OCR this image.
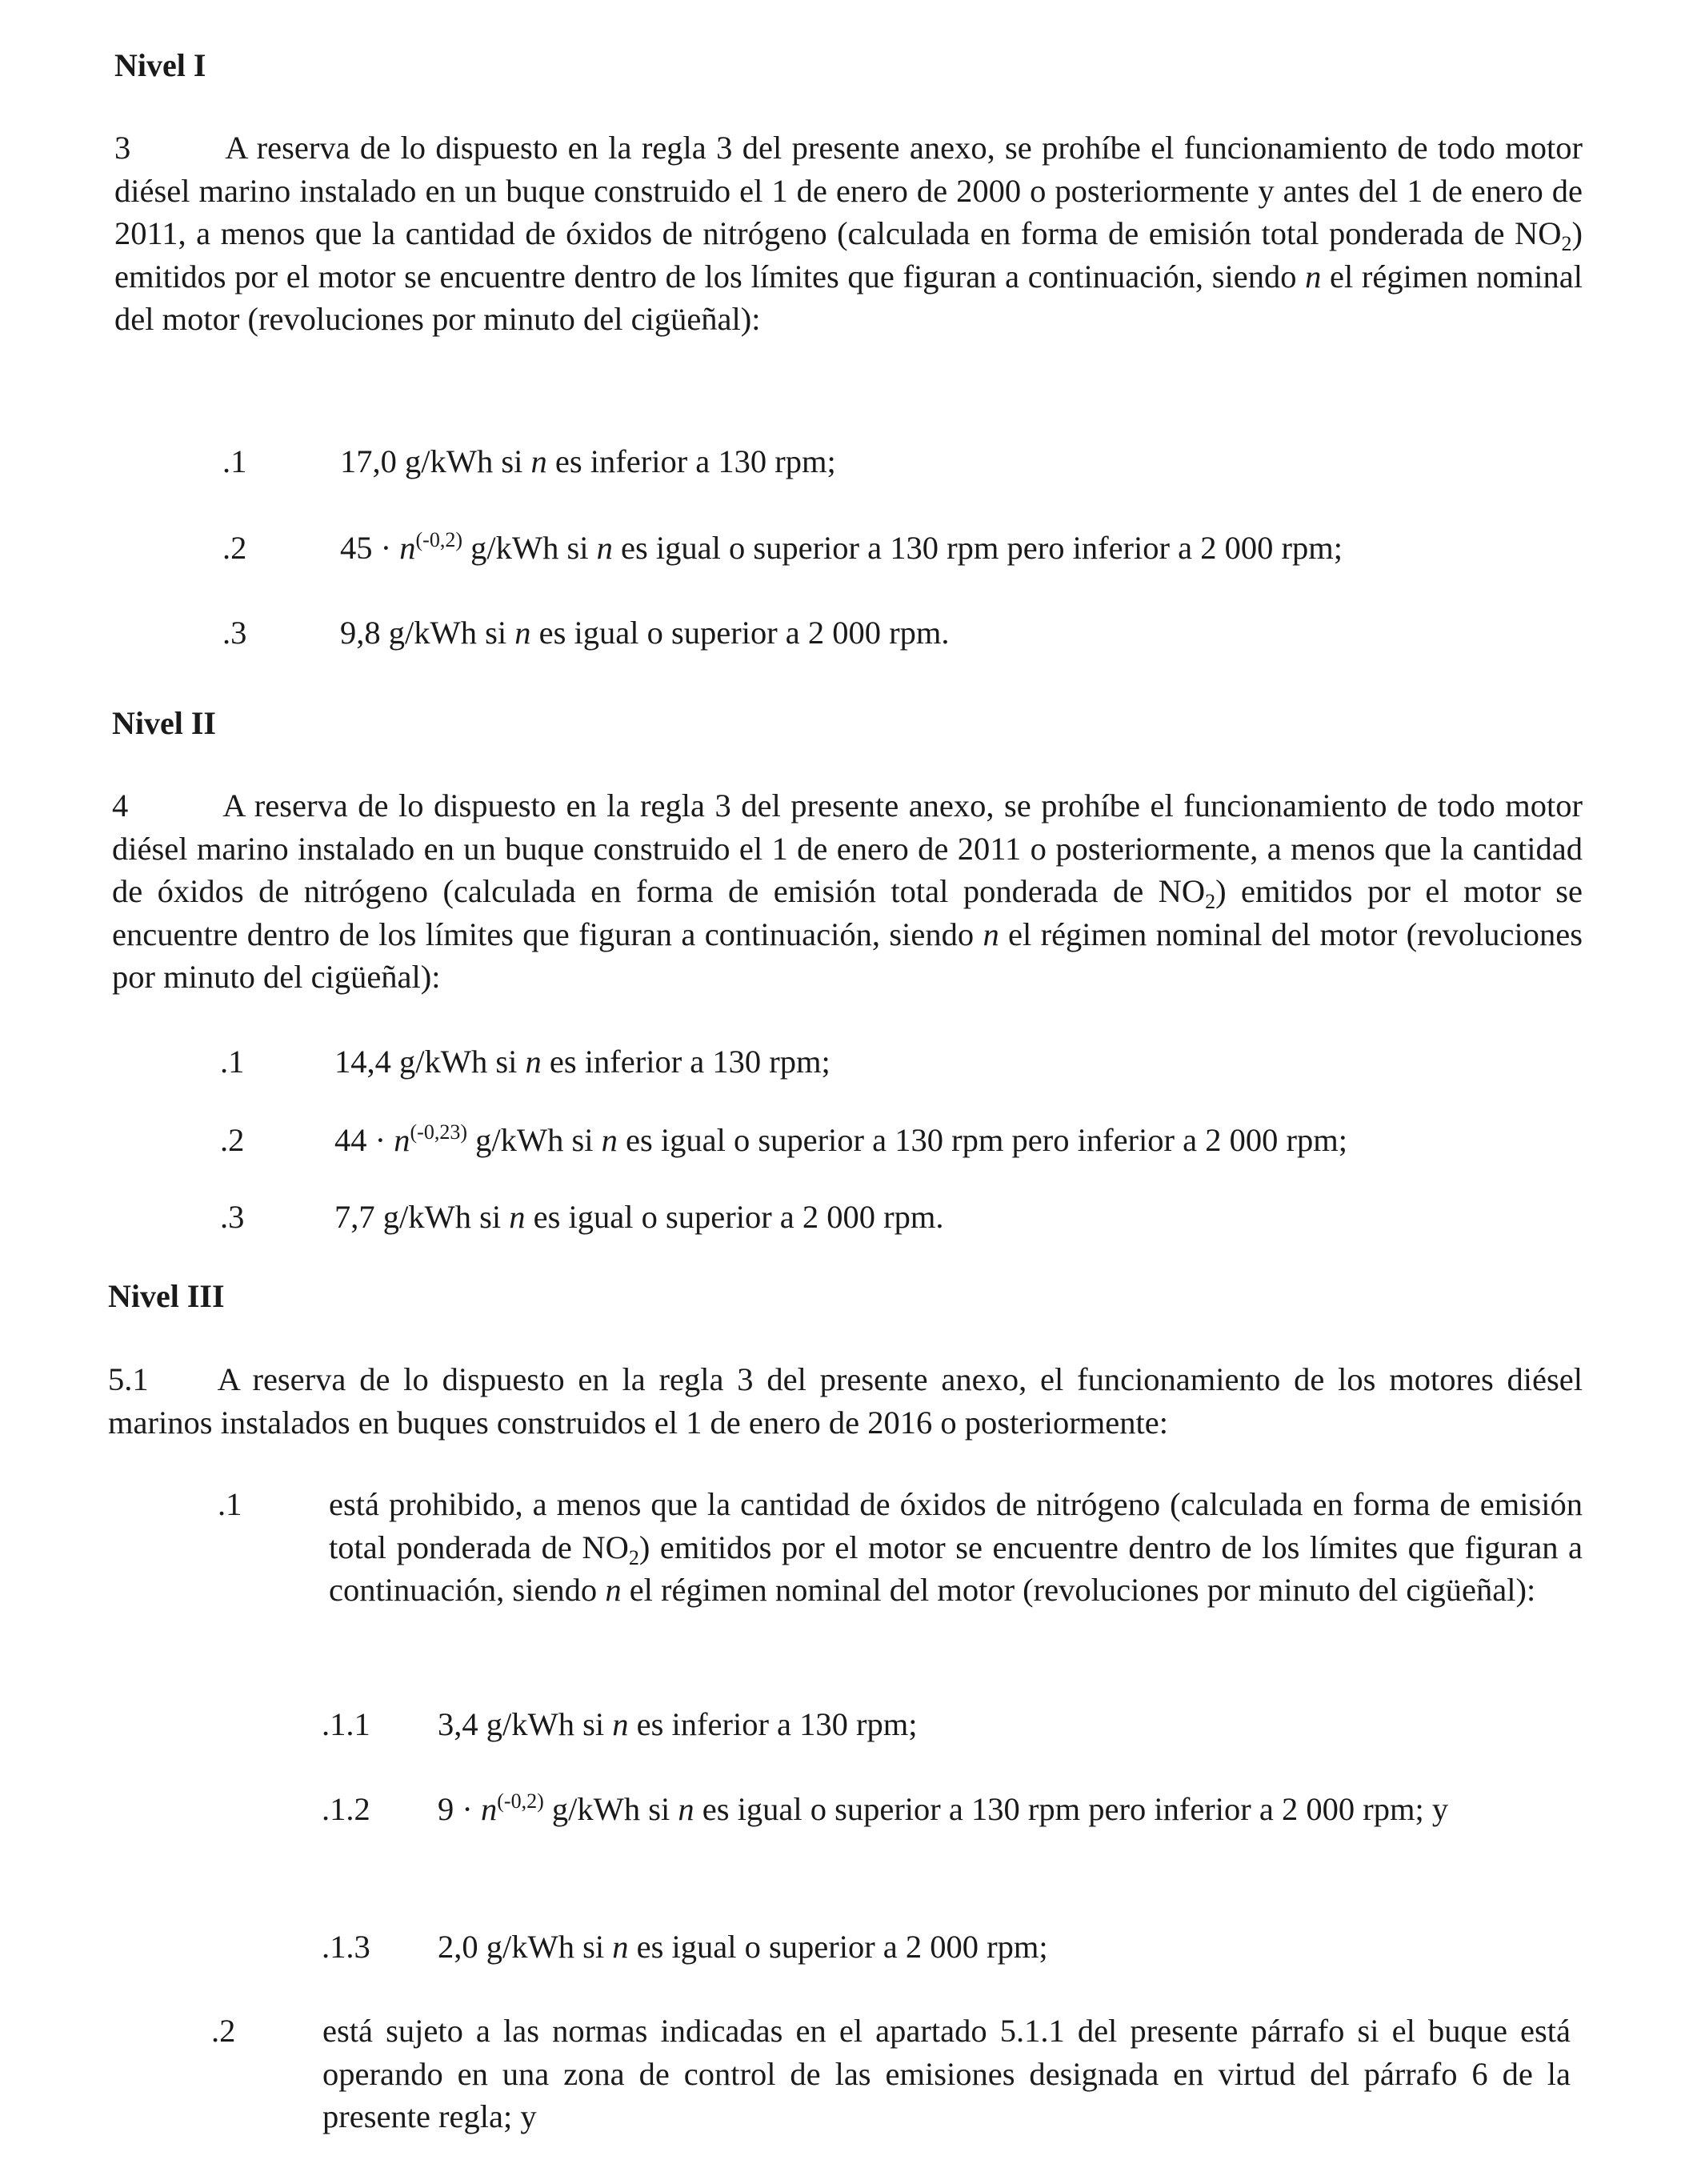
Nivel I

3	A reserva de lo dispuesto en la regla 3 del presente anexo, se prohíbe el funcionamiento de todo motor diésel marino instalado en un buque construido el 1 de enero de 2000 o posteriormente y antes del 1 de enero de 2011, a menos que la cantidad de óxidos de nitrógeno (calculada en forma de emisión total ponderada de $NO_2$) emitidos por el motor se encuentre dentro de los límites que figuran a continuación, siendo n el régimen nominal del motor (revoluciones por minuto del cigüeñal):

.1	17,0 g/kWh si n es inferior a 130 rpm;
.2	$45 \cdot n^{(-0,2)}$ g/kWh si n es igual o superior a 130 rpm pero inferior a 2 000 rpm;
.3	9,8 g/kWh si n es igual o superior a 2 000 rpm.
Nivel II

4	A reserva de lo dispuesto en la regla 3 del presente anexo, se prohíbe el funcionamiento de todo motor diésel marino instalado en un buque construido el 1 de enero de 2011 o posteriormente, a menos que la cantidad de óxidos de nitrógeno (calculada en forma de emisión total ponderada de $NO_2$) emitidos por el motor se encuentre dentro de los límites que figuran a continuación, siendo n el régimen nominal del motor (revoluciones por minuto del cigüeñal):

.1	14,4 g/kWh si n es inferior a 130 rpm;
.2	$44 \cdot n^{(-0,23)}$ g/kWh si n es igual o superior a 130 rpm pero inferior a 2 000 rpm;
.3	7,7 g/kWh si n es igual o superior a 2 000 rpm.
Nivel III

5.1 A reserva de lo dispuesto en la regla 3 del presente anexo, el funcionamiento de los motores diésel marinos instalados en buques construidos el 1 de enero de 2016 o posteriormente:

.1	está prohibido, a menos que la cantidad de óxidos de nitrógeno (calculada en forma de emisión total ponderada de $NO_2$) emitidos por el motor se encuentre dentro de los límites que figuran a continuación, siendo n el régimen nominal del motor (revoluciones por minuto del cigüeñal):
.1.1 3,4 g/kWh si n es inferior a 130 rpm;
.1.2 $9 \cdot n^{(-0,2)}$ g/kWh si n es igual o superior a 130 rpm pero inferior a 2 000 rpm; y
.1.3 2,0 g/kWh si n es igual o superior a 2 000 rpm;
.2	está sujeto a las normas indicadas en el apartado 5.1.1 del presente párrafo si el buque está operando en una zona de control de las emisiones designada en virtud del párrafo 6 de la presente regla; y
